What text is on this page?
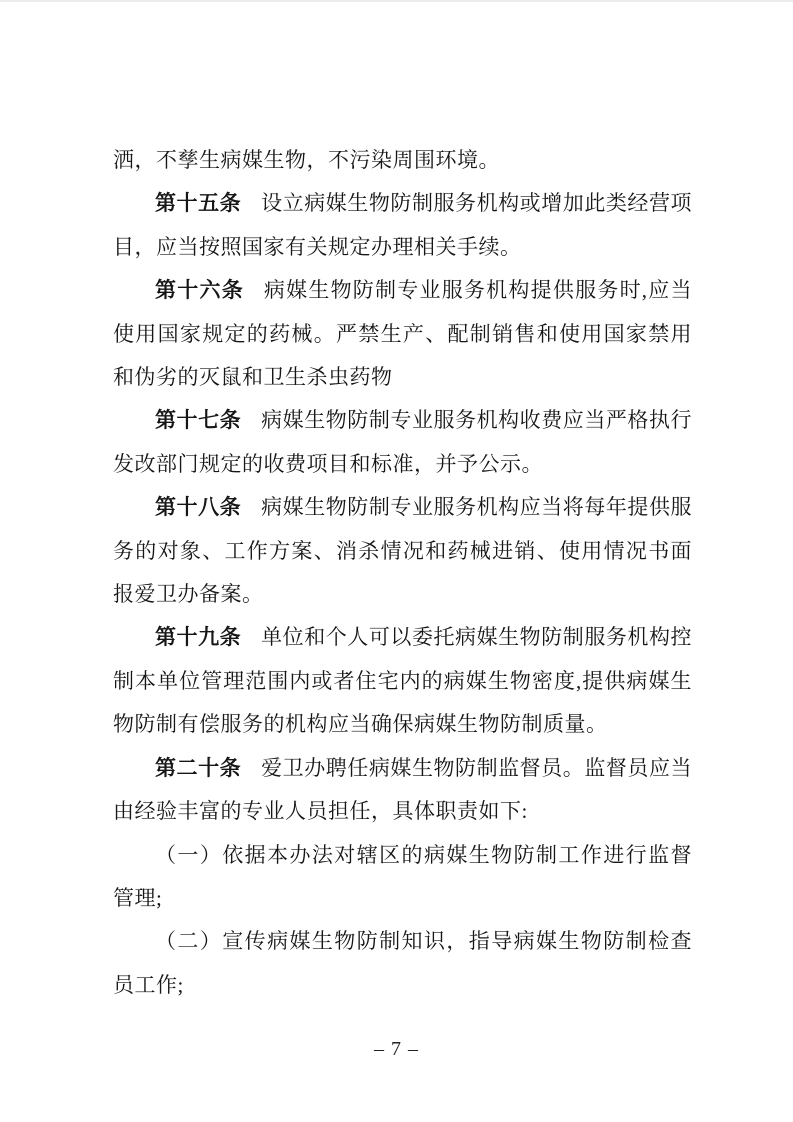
洒，不孳生病媒生物，不污染周围环境。

第十五条 设立病媒生物防制服务机构或增加此类经营项目，应当按照国家有关规定办理相关手续。

第十六条 病媒生物防制专业服务机构提供服务时,应当使用国家规定的药械。严禁生产、配制销售和使用国家禁用和伪劣的灭鼠和卫生杀虫药物

第十七条 病媒生物防制专业服务机构收费应当严格执行发改部门规定的收费项目和标准，并予公示。

第十八条 病媒生物防制专业服务机构应当将每年提供服务的对象、工作方案、消杀情况和药械进销、使用情况书面报爱卫办备案。

第十九条 单位和个人可以委托病媒生物防制服务机构控制本单位管理范围内或者住宅内的病媒生物密度,提供病媒生物防制有偿服务的机构应当确保病媒生物防制质量。

第二十条 爱卫办聘任病媒生物防制监督员。监督员应当由经验丰富的专业人员担任，具体职责如下:

（一）依据本办法对辖区的病媒生物防制工作进行监督管理;

（二）宣传病媒生物防制知识，指导病媒生物防制检查员工作;

– 7 –
